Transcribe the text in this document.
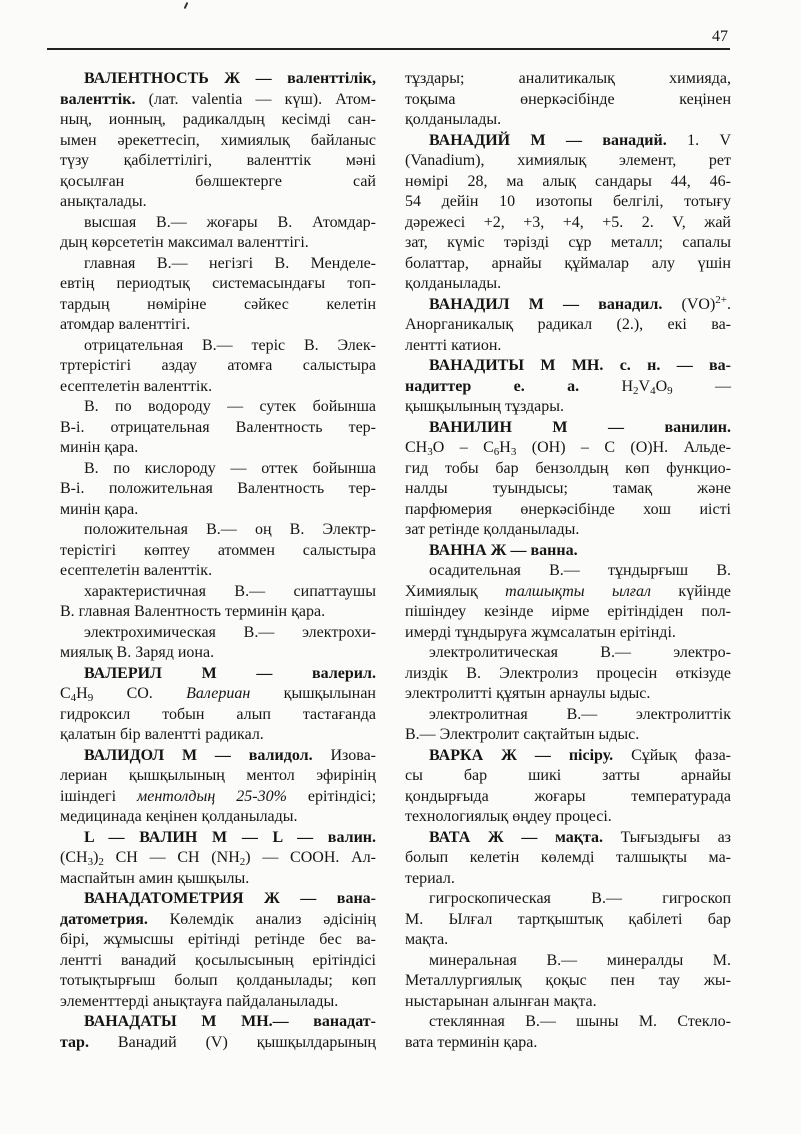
47
ВАЛЕНТНОСТЬ Ж — валенттілік,
валенттік. (лат. valentia — күш). Атом-
ның, ионның, радикалдың кесімді сан-
ымен әрекеттесіп, химиялық байланыс
түзу қабілеттілігі, валенттік мәні
қосылған бөлшектерге сай
анықталады.
высшая В.— жоғары В. Атомдар-
дың көрсететін максимал валенттігі.
главная В.— негізгі В. Менделе-
евтің периодтық системасындағы топ-
тардың нөміріне сәйкес келетін
атомдар валенттігі.
отрицательная В.— теріс В. Элек-
тртерістігі аздау атомға салыстыра
есептелетін валенттік.
В. по водороду — сутек бойынша
В-і. отрицательная Валентность тер-
минін қара.
В. по кислороду — оттек бойынша
В-і. положительная Валентность тер-
минін қара.
положительная В.— оң В. Электр-
терістігі көптеу атоммен салыстыра
есептелетін валенттік.
характеристичная В.— сипаттаушы
В. главная Валентность терминін қара.
электрохимическая В.— электрохи-
миялық В. Заряд иона.
ВАЛЕРИЛ М — валерил.
$C_4H_9$ CO. Валериан қышқылынан
гидроксил тобын алып тастағанда
қалатын бір валентті радикал.
ВАЛИДОЛ М — валидол. Изова-
лериан қышқылының ментол эфирінің
ішіндегі ментолдың 25-30% ерітіндісі;
медицинада кеңінен қолданылады.
L — ВАЛИН М — L — валин.
$(CH_3)_2$ CH — CH $(NH_2)$ — COOH. Ал-
маспайтын амин қышқылы.
ВАНАДАТОМЕТРИЯ Ж — вана-
датометрия. Көлемдік анализ әдісінің
бірі, жұмысшы ерітінді ретінде бес ва-
лентті ванадий қосылысының ерітіндісі
тотықтырғыш болып қолданылады; көп
элементтерді анықтауға пайдаланылады.
ВАНАДАТЫ М МН.— ванадат-
тар. Ванадий (V) қышқылдарының
тұздары; аналитикалық химияда,
тоқыма өнеркәсібінде кеңінен
қолданылады.
ВАНАДИЙ М — ванадий. 1. V
(Vanadium), химиялық элемент, рет
нөмірі 28, ма алық сандары 44, 46-
54 дейін 10 изотопы белгілі, тотығу
дәрежесі +2, +3, +4, +5. 2. V, жай
зат, күміс тәрізді сұр металл; сапалы
болаттар, арнайы құймалар алу үшін
қолданылады.
ВАНАДИЛ М — ванадил. (VO)$^{2+}$.
Анорганикалық радикал (2.), екі ва-
лентті катион.
ВАНАДИТЫ М МН. с. н. — ва-
надиттер е. а. $H_2V_4O_9$ —
қышқылының тұздары.
ВАНИЛИН М — ванилин.
$CH_3O - C_6H_3$ (OH) – C (O)H. Альде-
гид тобы бар бензолдың көп функцио-
налды туындысы; тамақ және
парфюмерия өнеркәсібінде хош иісті
зат ретінде қолданылады.
ВАННА Ж — ванна.
осадительная В.— тұндырғыш В.
Химиялық талшықты ылғал күйінде
пішіндеу кезінде иірме ерітіндіден пол-
имерді тұндыруға жұмсалатын ерітінді.
электролитическая В.— электро-
лиздік В. Электролиз процесін өткізуде
электролитті құятын арнаулы ыдыс.
электролитная В.— электролиттік
В.— Электролит сақтайтын ыдыс.
ВАРКА Ж — пісіру. Сұйық фаза-
сы бар шикі затты арнайы
қондырғыда жоғары температурада
технологиялық өңдеу процесі.
ВАТА Ж — мақта. Тығыздығы аз
болып келетін көлемді талшықты ма-
териал.
гигроскопическая В.— гигроскоп
М. Ылғал тартқыштық қабілеті бар
мақта.
минеральная В.— минералды М.
Металлургиялық қоқыс пен тау жы-
ныстарынан алынған мақта.
стеклянная В.— шыны М. Стекло-
вата терминін қара.
